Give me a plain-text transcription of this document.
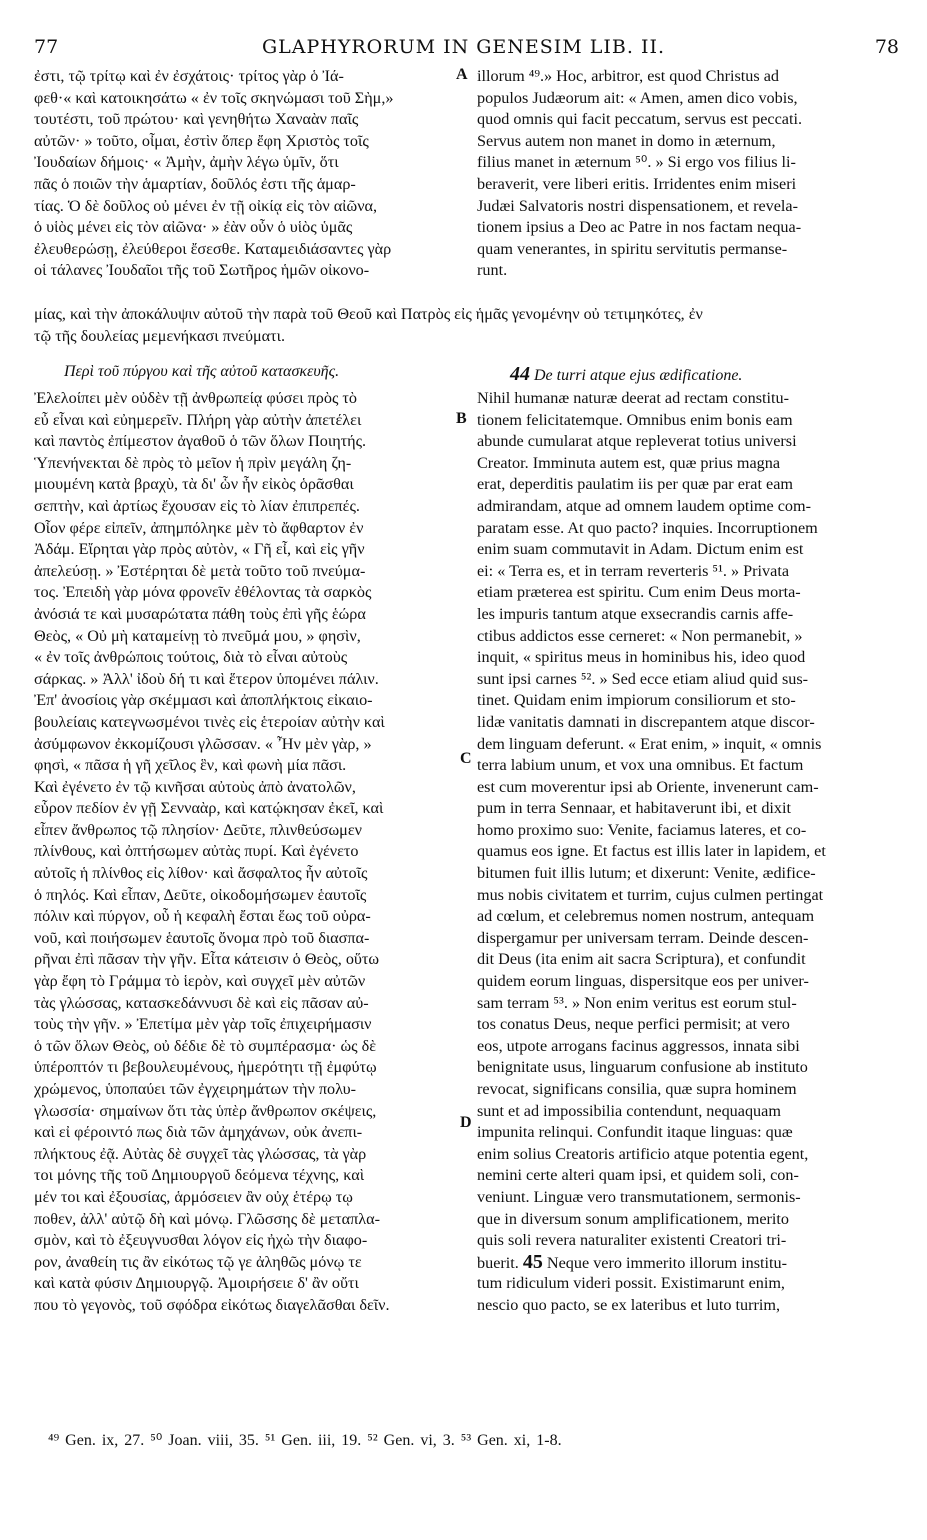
77	GLAPHYRORUM IN GENESIM LIB. II.	78
A
B
C
D
ἐστι, τῷ τρίτῳ καὶ ἐν ἐσχάτοις· τρίτος γὰρ ὁ Ἰά-
φεθ·« καὶ κατοικησάτω « ἐν τοῖς σκηνώμασι τοῦ Σὴμ,»
τουτέστι, τοῦ πρώτου· καὶ γενηθήτω Χαναὰν παῖς
αὐτῶν· » τοῦτο, οἶμαι, ἐστὶν ὅπερ ἔφη Χριστὸς τοῖς
Ἰουδαίων δήμοις· « Ἀμὴν, ἀμὴν λέγω ὑμῖν, ὅτι
πᾶς ὁ ποιῶν τὴν ἁμαρτίαν, δοῦλός ἐστι τῆς ἁμαρ-
τίας. Ὁ δὲ δοῦλος οὐ μένει ἐν τῇ οἰκίᾳ εἰς τὸν αἰῶνα,
ὁ υἱὸς μένει εἰς τὸν αἰῶνα· » ἐὰν οὖν ὁ υἱὸς ὑμᾶς
ἐλευθερώσῃ, ἐλεύθεροι ἔσεσθε. Καταμειδιάσαντες γὰρ
οἱ τάλανες Ἰουδαῖοι τῆς τοῦ Σωτῆρος ἡμῶν οἰκονο-
illorum ⁴⁹.» Hoc, arbitror, est quod Christus ad
populos Judæorum ait: « Amen, amen dico vobis,
quod omnis qui facit peccatum, servus est peccati.
Servus autem non manet in domo in æternum,
filius manet in æternum ⁵⁰. » Si ergo vos filius li-
beraverit, vere liberi eritis. Irridentes enim miseri
Judæi Salvatoris nostri dispensationem, et revela-
tionem ipsius a Deo ac Patre in nos factam nequa-
quam venerantes, in spiritu servitutis permanse-
runt.
μίας, καὶ τὴν ἀποκάλυψιν αὐτοῦ τὴν παρὰ τοῦ Θεοῦ καὶ Πατρὸς εἰς ἡμᾶς γενομένην οὐ τετιμηκότες, ἐν
τῷ τῆς δουλείας μεμενήκασι πνεύματι.
Περὶ τοῦ πύργου καὶ τῆς αὐτοῦ κατασκευῆς.	44 De turri atque ejus ædificatione.
Ἐλελοίπει μὲν οὐδὲν τῇ ἀνθρωπείᾳ φύσει πρὸς τὸ
εὖ εἶναι καὶ εὐημερεῖν. Πλήρη γὰρ αὐτὴν ἀπετέλει
καὶ παντὸς ἐπίμεστον ἀγαθοῦ ὁ τῶν ὅλων Ποιητής.
Ὑπενήνεκται δὲ πρὸς τὸ μεῖον ἡ πρὶν μεγάλη ζη-
μιουμένη κατὰ βραχὺ, τὰ δι' ὧν ἦν εἰκὸς ὁρᾶσθαι
σεπτὴν, καὶ ἀρτίως ἔχουσαν εἰς τὸ λίαν ἐπιπρεπές.
Οἷον φέρε εἰπεῖν, ἀπημπόληκε μὲν τὸ ἄφθαρτον ἐν
Ἀδάμ. Εἴρηται γὰρ πρὸς αὐτὸν, « Γῆ εἶ, καὶ εἰς γῆν
ἀπελεύσῃ. » Ἐστέρηται δὲ μετὰ τοῦτο τοῦ πνεύμα-
τος. Ἐπειδὴ γὰρ μόνα φρονεῖν ἐθέλοντας τὰ σαρκὸς
ἀνόσιά τε καὶ μυσαρώτατα πάθη τοὺς ἐπὶ γῆς ἑώρα
Θεὸς, « Οὐ μὴ καταμείνῃ τὸ πνεῦμά μου, » φησὶν,
« ἐν τοῖς ἀνθρώποις τούτοις, διὰ τὸ εἶναι αὐτοὺς
σάρκας. » Ἀλλ' ἰδοὺ δή τι καὶ ἕτερον ὑπομένει πάλιν.
Ἐπ' ἀνοσίοις γὰρ σκέμμασι καὶ ἀποπλήκτοις εἰκαιο-
βουλείαις κατεγνωσμένοι τινὲς εἰς ἑτεροίαν αὐτὴν καὶ
ἀσύμφωνον ἐκκομίζουσι γλῶσσαν. « Ἦν μὲν γὰρ, »
φησὶ, « πᾶσα ἡ γῆ χεῖλος ἓν, καὶ φωνὴ μία πᾶσι.
Καὶ ἐγένετο ἐν τῷ κινῆσαι αὐτοὺς ἀπὸ ἀνατολῶν,
εὗρον πεδίον ἐν γῇ Σενναὰρ, καὶ κατῴκησαν ἐκεῖ, καὶ
εἶπεν ἄνθρωπος τῷ πλησίον· Δεῦτε, πλινθεύσωμεν
πλίνθους, καὶ ὀπτήσωμεν αὐτὰς πυρί. Καὶ ἐγένετο
αὐτοῖς ἡ πλίνθος εἰς λίθον· καὶ ἄσφαλτος ἦν αὐτοῖς
ὁ πηλός. Καὶ εἶπαν, Δεῦτε, οἰκοδομήσωμεν ἑαυτοῖς
πόλιν καὶ πύργον, οὗ ἡ κεφαλὴ ἔσται ἕως τοῦ οὐρα-
νοῦ, καὶ ποιήσωμεν ἑαυτοῖς ὄνομα πρὸ τοῦ διασπα-
ρῆναι ἐπὶ πᾶσαν τὴν γῆν. Εἶτα κάτεισιν ὁ Θεὸς, οὕτω
γὰρ ἔφη τὸ Γράμμα τὸ ἱερὸν, καὶ συγχεῖ μὲν αὐτῶν
τὰς γλώσσας, κατασκεδάννυσι δὲ καὶ εἰς πᾶσαν αὐ-
τοὺς τὴν γῆν. » Ἐπετίμα μὲν γὰρ τοῖς ἐπιχειρήμασιν
ὁ τῶν ὅλων Θεὸς, οὐ δέδιε δὲ τὸ συμπέρασμα· ὡς δὲ
ὑπέροπτόν τι βεβουλευμένους, ἡμερότητι τῇ ἐμφύτῳ
χρώμενος, ὑποπαύει τῶν ἐγχειρημάτων τὴν πολυ-
γλωσσία· σημαίνων ὅτι τὰς ὑπὲρ ἄνθρωπον σκέψεις,
καὶ εἰ φέροιντό πως διὰ τῶν ἀμηχάνων, οὐκ ἀνεπι-
πλήκτους ἐᾷ. Αὐτὰς δὲ συγχεῖ τὰς γλώσσας, τὰ γὰρ
τοι μόνης τῆς τοῦ Δημιουργοῦ δεόμενα τέχνης, καὶ
μέν τοι καὶ ἐξουσίας, ἁρμόσειεν ἂν οὐχ ἑτέρῳ τῳ
ποθεν, ἀλλ' αὐτῷ δὴ καὶ μόνῳ. Γλῶσσης δὲ μεταπλα-
σμὸν, καὶ τὸ ἐξευγνυσθαι λόγον εἰς ἠχὼ τὴν διαφο-
ρον, ἀναθείη τις ἂν εἰκότως τῷ γε ἀληθῶς μόνῳ τε
καὶ κατὰ φύσιν Δημιουργῷ. Ἀμοιρήσειε δ' ἂν οὔτι
που τὸ γεγονὸς, τοῦ σφόδρα εἰκότως διαγελᾶσθαι δεῖν.
Nihil humanæ naturæ deerat ad rectam constitu-
tionem felicitatemque. Omnibus enim bonis eam
abunde cumularat atque repleverat totius universi
Creator. Imminuta autem est, quæ prius magna
erat, deperditis paulatim iis per quæ par erat eam
admirandam, atque ad omnem laudem optime com-
paratam esse. At quo pacto? inquies. Incorruptionem
enim suam commutavit in Adam. Dictum enim est
ei: « Terra es, et in terram reverteris ⁵¹. » Privata
etiam præterea est spiritu. Cum enim Deus morta-
les impuris tantum atque exsecrandis carnis affe-
ctibus addictos esse cerneret: « Non permanebit, »
inquit, « spiritus meus in hominibus his, ideo quod
sunt ipsi carnes ⁵². » Sed ecce etiam aliud quid sus-
tinet. Quidam enim impiorum consiliorum et sto-
lidæ vanitatis damnati in discrepantem atque discor-
dem linguam deferunt. « Erat enim, » inquit, « omnis
terra labium unum, et vox una omnibus. Et factum
est cum moverentur ipsi ab Oriente, invenerunt cam-
pum in terra Sennaar, et habitaverunt ibi, et dixit
homo proximo suo: Venite, faciamus lateres, et co-
quamus eos igne. Et factus est illis later in lapidem, et
bitumen fuit illis lutum; et dixerunt: Venite, ædifice-
mus nobis civitatem et turrim, cujus culmen pertingat
ad cœlum, et celebremus nomen nostrum, antequam
dispergamur per universam terram. Deinde descen-
dit Deus (ita enim ait sacra Scriptura), et confundit
quidem eorum linguas, dispersitque eos per univer-
sam terram ⁵³. » Non enim veritus est eorum stul-
tos conatus Deus, neque perfici permisit; at vero
eos, utpote arrogans facinus aggressos, innata sibi
benignitate usus, linguarum confusione ab instituto
revocat, significans consilia, quæ supra hominem
sunt et ad impossibilia contendunt, nequaquam
impunita relinqui. Confundit itaque linguas: quæ
enim solius Creatoris artificio atque potentia egent,
nemini certe alteri quam ipsi, et quidem soli, con-
veniunt. Linguæ vero transmutationem, sermonis-
que in diversum sonum amplificationem, merito
quis soli revera naturaliter existenti Creatori tri-
buerit. 45 Neque vero immerito illorum institu-
tum ridiculum videri possit. Existimarunt enim,
nescio quo pacto, se ex lateribus et luto turrim,
⁴⁹ Gen. ix, 27. ⁵⁰ Joan. viii, 35. ⁵¹ Gen. iii, 19. ⁵² Gen. vi, 3. ⁵³ Gen. xi, 1-8.
